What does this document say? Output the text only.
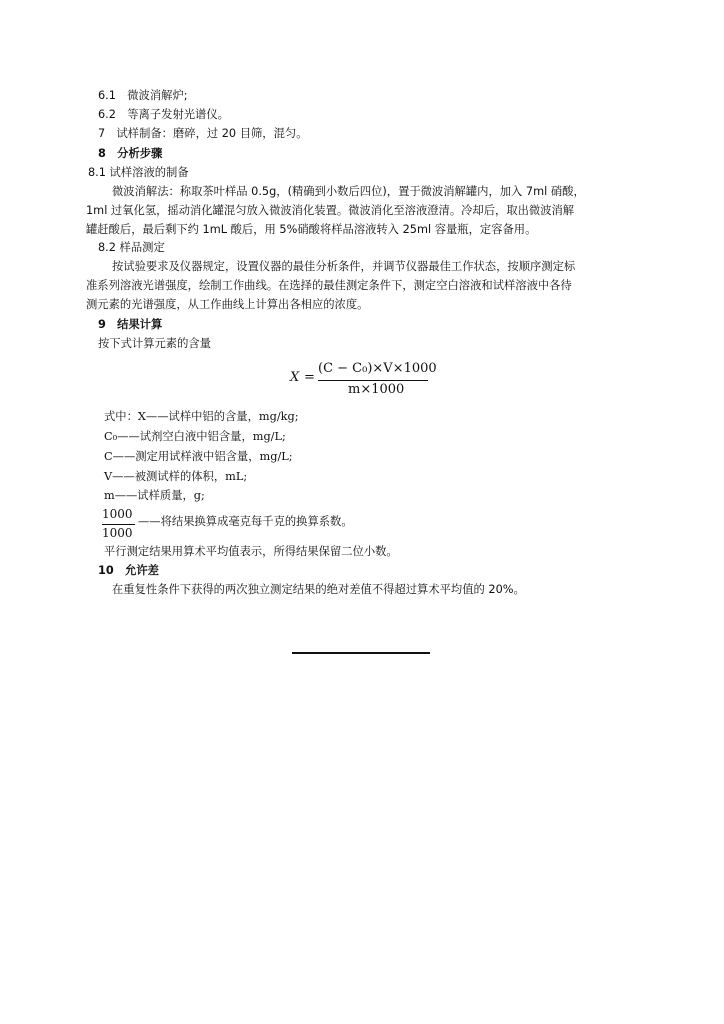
6.1　微波消解炉;
6.2　等离子发射光谱仪。
7　试样制备：磨碎，过 20 目筛，混匀。
8　分析步骤
8.1 试样溶液的制备
微波消解法：称取茶叶样品 0.5g，(精确到小数后四位)，置于微波消解罐内，加入 7ml 硝酸，
1ml 过氧化氢，摇动消化罐混匀放入微波消化装置。微波消化至溶液澄清。冷却后，取出微波消解
罐赶酸后，最后剩下约 1mL 酸后，用 5%硝酸将样品溶液转入 25ml 容量瓶，定容备用。
8.2 样品测定
按试验要求及仪器规定，设置仪器的最佳分析条件，并调节仪器最佳工作状态，按顺序测定标
准系列溶液光谱强度，绘制工作曲线。在选择的最佳测定条件下，测定空白溶液和试样溶液中各待
测元素的光谱强度，从工作曲线上计算出各相应的浓度。
9　结果计算
按下式计算元素的含量
X =
(C − C₀)×V×1000
m×1000
式中：X——试样中铝的含量，mg/kg;
C₀——试剂空白液中铝含量，mg/L;
C——测定用试样液中铝含量，mg/L;
V——被测试样的体积，mL;
m——试样质量，g;
1000
1000
——将结果换算成毫克每千克的换算系数。
平行测定结果用算术平均值表示，所得结果保留二位小数。
10　允许差
在重复性条件下获得的两次独立测定结果的绝对差值不得超过算术平均值的 20%。
